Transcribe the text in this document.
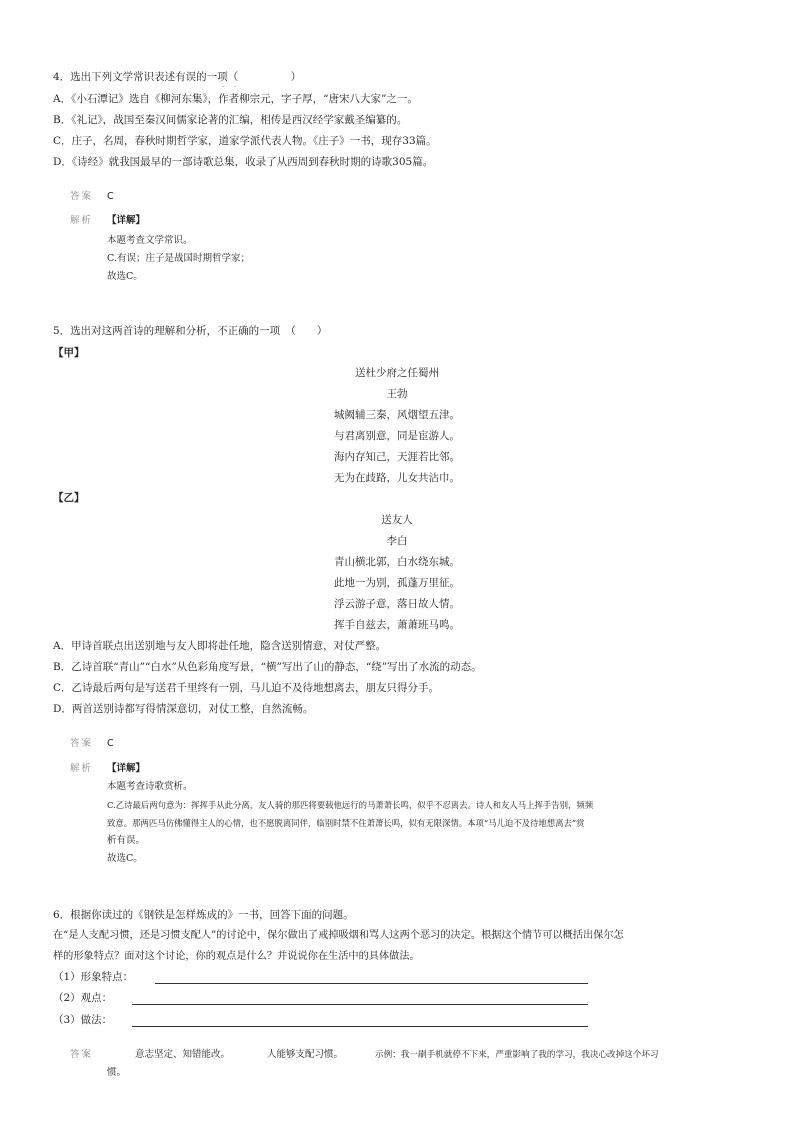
4．选出下列文学常识表述有误的一项（　　　　　）
· ·
A．《小石潭记》选自《柳河东集》，作者柳宗元，字子厚，“唐宋八大家”之一。
B．《礼记》，战国至秦汉间儒家论著的汇编，相传是西汉经学家戴圣编纂的。
C．庄子，名周，春秋时期哲学家，道家学派代表人物。《庄子》一书，现存33篇。
D．《诗经》就我国最早的一部诗歌总集，收录了从西周到春秋时期的诗歌305篇。
答案 C
解析 【详解】
本题考查文学常识。
C.有误；庄子是战国时期哲学家；
故选C。
5．选出对这两首诗的理解和分析，不正确的一项　（　　）
【甲】
送杜少府之任蜀州
王勃
城阙辅三秦，风烟望五津。
与君离别意，同是宦游人。
海内存知己，天涯若比邻。
无为在歧路，儿女共沾巾。
【乙】
送友人
李白
青山横北郭，白水绕东城。
此地一为别，孤蓬万里征。
浮云游子意，落日故人情。
挥手自兹去，萧萧班马鸣。
A．甲诗首联点出送别地与友人即将赴任地，隐含送别情意，对仗严整。
B．乙诗首联“青山”“白水”从色彩角度写景，“横”写出了山的静态，“绕”写出了水流的动态。
C．乙诗最后两句是写送君千里终有一别，马儿迫不及待地想离去，朋友只得分手。
D．两首送别诗都写得情深意切，对仗工整，自然流畅。
答案 C
解析 【详解】
本题考查诗歌赏析。
C.乙诗最后两句意为：挥挥手从此分离，友人骑的那匹将要载他远行的马萧萧长鸣，似乎不忍离去。诗人和友人马上挥手告别，频频
致意。那两匹马仿佛懂得主人的心情，也不愿脱离同伴，临别时禁不住萧萧长鸣，似有无限深情。本项“马儿迫不及待地想离去”赏
析有误。
故选C。
6．根据你读过的《钢铁是怎样炼成的》一书，回答下面的问题。
在“是人支配习惯，还是习惯支配人”的讨论中，保尔做出了戒掉吸烟和骂人这两个恶习的决定。根据这个情节可以概括出保尔怎
样的形象特点？面对这个讨论，你的观点是什么？并说说你在生活中的具体做法。
（1）形象特点：
（2）观点：
（3）做法：
答案	意志坚定、知错能改。	人能够支配习惯。	示例：我一刷手机就停不下来，严重影响了我的学习，我决心改掉这个坏习
惯。
